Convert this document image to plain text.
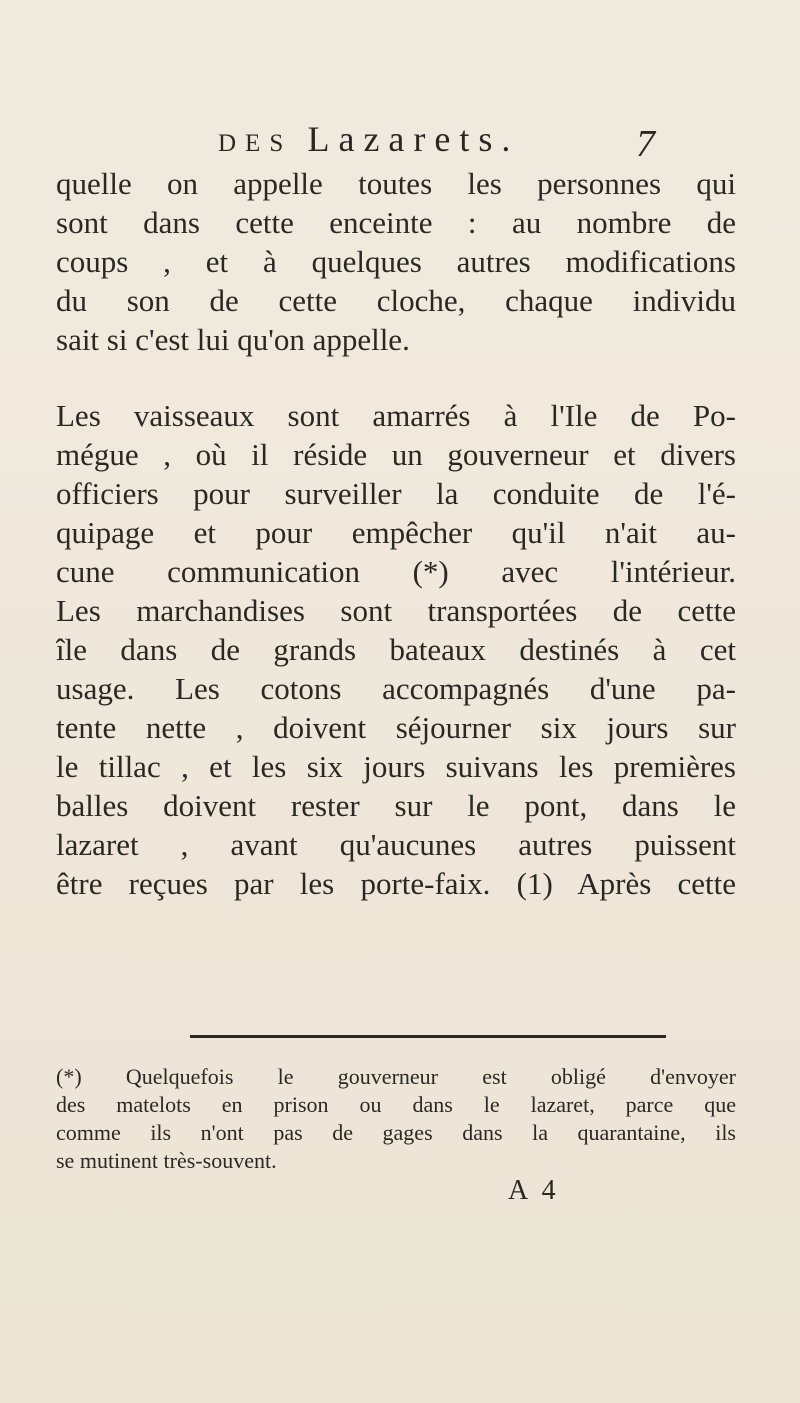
DES Lazarets.	7
quelle on appelle toutes les personnes qui
sont dans cette enceinte : au nombre de
coups , et à quelques autres modifications
du son de cette cloche, chaque individu
sait si c'est lui qu'on appelle.
Les vaisseaux sont amarrés à l'Ile de Po-
mégue , où il réside un gouverneur et divers
officiers pour surveiller la conduite de l'é-
quipage et pour empêcher qu'il n'ait au-
cune communication (*) avec l'intérieur.
Les marchandises sont transportées de cette
île dans de grands bateaux destinés à cet
usage. Les cotons accompagnés d'une pa-
tente nette , doivent séjourner six jours sur
le tillac , et les six jours suivans les premières
balles doivent rester sur le pont, dans le
lazaret , avant qu'aucunes autres puissent
être reçues par les porte-faix. (1) Après cette
(*) Quelquefois le gouverneur est obligé d'envoyer
des matelots en prison ou dans le lazaret, parce que
comme ils n'ont pas de gages dans la quarantaine, ils
se mutinent très-souvent.
A 4
